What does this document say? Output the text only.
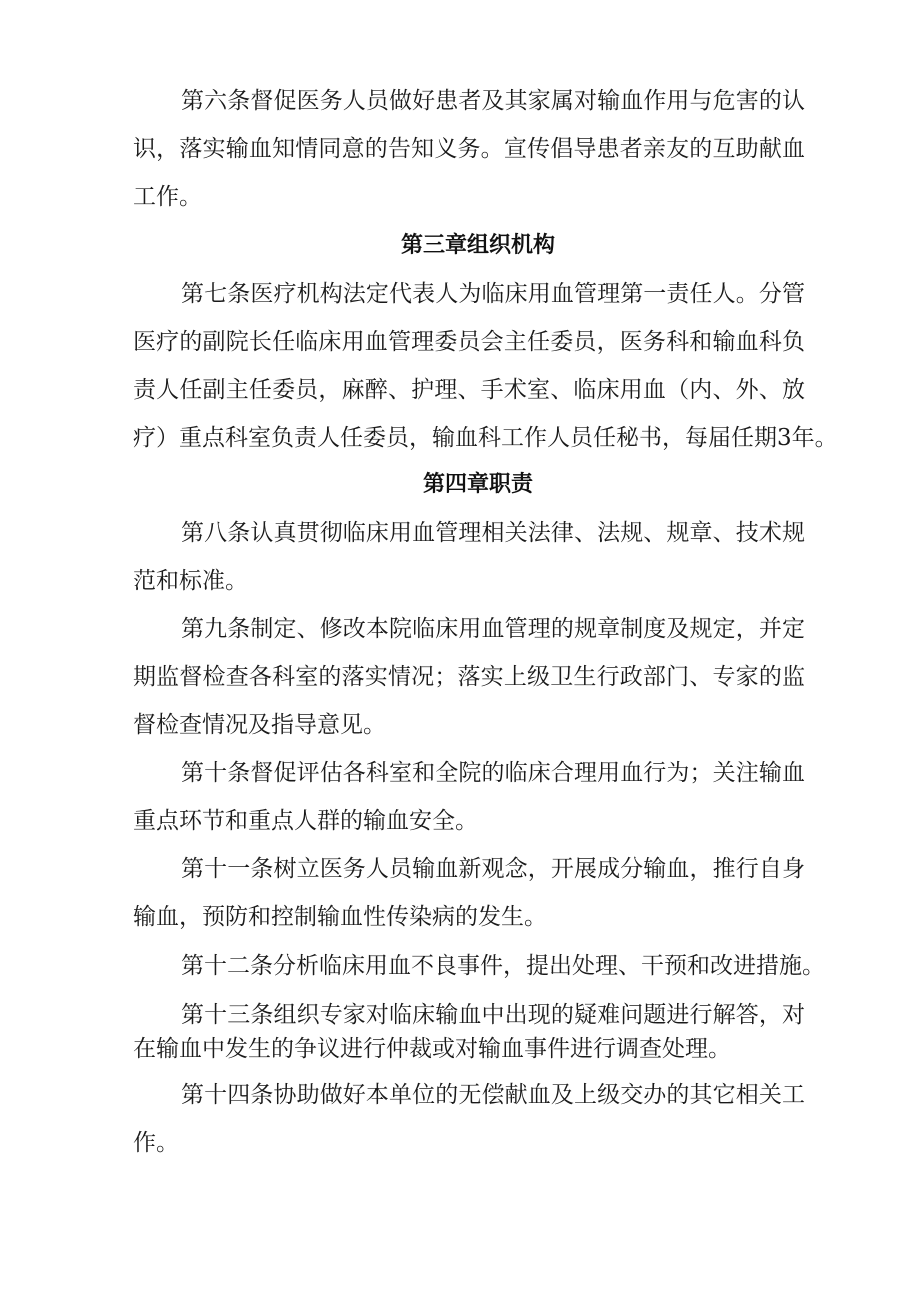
第六条督促医务人员做好患者及其家属对输血作用与危害的认

识，落实输血知情同意的告知义务。宣传倡导患者亲友的互助献血

工作。

第三章组织机构

第七条医疗机构法定代表人为临床用血管理第一责任人。分管

医疗的副院长任临床用血管理委员会主任委员，医务科和输血科负

责人任副主任委员，麻醉、护理、手术室、临床用血（内、外、放

疗）重点科室负责人任委员，输血科工作人员任秘书，每届任期3年。

第四章职责

第八条认真贯彻临床用血管理相关法律、法规、规章、技术规

范和标准。

第九条制定、修改本院临床用血管理的规章制度及规定，并定

期监督检查各科室的落实情况；落实上级卫生行政部门、专家的监

督检查情况及指导意见。

第十条督促评估各科室和全院的临床合理用血行为；关注输血

重点环节和重点人群的输血安全。

第十一条树立医务人员输血新观念，开展成分输血，推行自身

输血，预防和控制输血性传染病的发生。

第十二条分析临床用血不良事件，提出处理、干预和改进措施。

第十三条组织专家对临床输血中出现的疑难问题进行解答，对

在输血中发生的争议进行仲裁或对输血事件进行调查处理。

第十四条协助做好本单位的无偿献血及上级交办的其它相关工

作。
